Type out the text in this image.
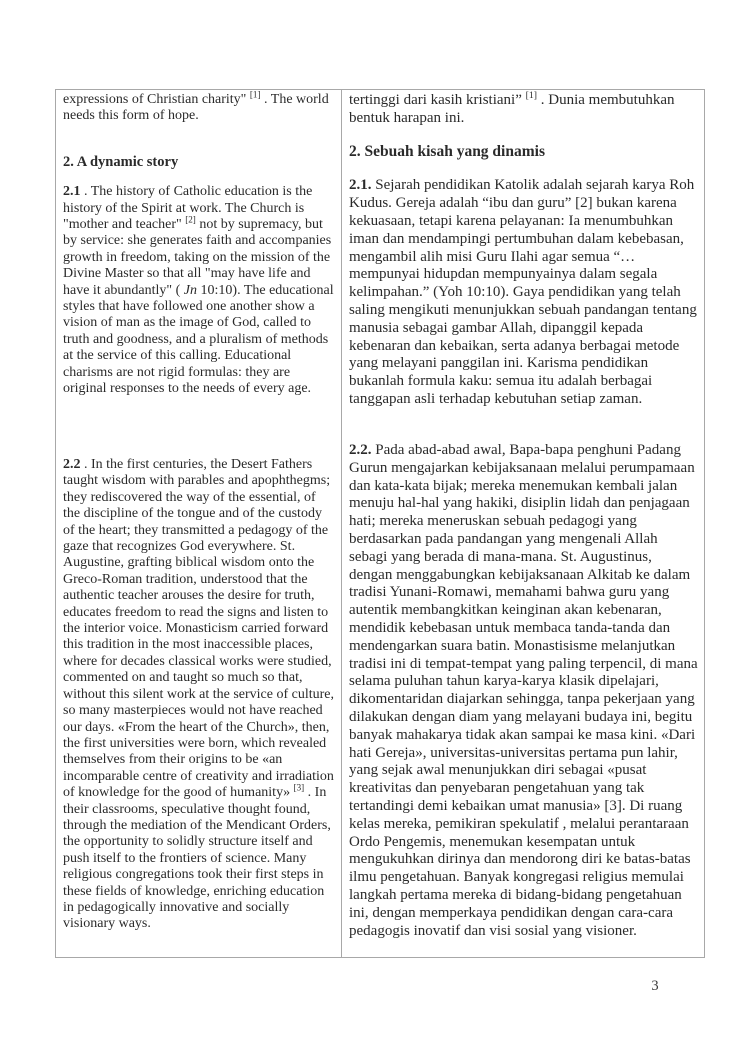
expressions of Christian charity" [1] . The world needs this form of hope.

2. A dynamic story

2.1 . The history of Catholic education is the history of the Spirit at work. The Church is "mother and teacher" [2] not by supremacy, but by service: she generates faith and accompanies growth in freedom, taking on the mission of the Divine Master so that all "may have life and have it abundantly" ( Jn 10:10). The educational styles that have followed one another show a vision of man as the image of God, called to truth and goodness, and a pluralism of methods at the service of this calling. Educational charisms are not rigid formulas: they are original responses to the needs of every age.

tertinggi dari kasih kristiani” [1] . Dunia membutuhkan bentuk harapan ini.

2. Sebuah kisah yang dinamis

2.1. Sejarah pendidikan Katolik adalah sejarah karya Roh Kudus. Gereja adalah “ibu dan guru” [2] bukan karena kekuasaan, tetapi karena pelayanan: Ia menumbuhkan iman dan mendampingi pertumbuhan dalam kebebasan, mengambil alih misi Guru Ilahi agar semua “…mempunyai hidupdan mempunyainya dalam segala kelimpahan.” (Yoh 10:10). Gaya pendidikan yang telah saling mengikuti menunjukkan sebuah pandangan tentang manusia sebagai gambar Allah, dipanggil kepada kebenaran dan kebaikan, serta adanya berbagai metode yang melayani panggilan ini. Karisma pendidikan bukanlah formula kaku: semua itu adalah berbagai tanggapan asli terhadap kebutuhan setiap zaman.

2.2 . In the first centuries, the Desert Fathers taught wisdom with parables and apophthegms; they rediscovered the way of the essential, of the discipline of the tongue and of the custody of the heart; they transmitted a pedagogy of the gaze that recognizes God everywhere. St. Augustine, grafting biblical wisdom onto the Greco-Roman tradition, understood that the authentic teacher arouses the desire for truth, educates freedom to read the signs and listen to the interior voice. Monasticism carried forward this tradition in the most inaccessible places, where for decades classical works were studied, commented on and taught so much so that, without this silent work at the service of culture, so many masterpieces would not have reached our days. «From the heart of the Church», then, the first universities were born, which revealed themselves from their origins to be «an incomparable centre of creativity and irradiation of knowledge for the good of humanity» [3] . In their classrooms, speculative thought found, through the mediation of the Mendicant Orders, the opportunity to solidly structure itself and push itself to the frontiers of science. Many religious congregations took their first steps in these fields of knowledge, enriching education in pedagogically innovative and socially visionary ways.

2.2. Pada abad-abad awal, Bapa-bapa penghuni Padang Gurun mengajarkan kebijaksanaan melalui perumpamaan dan kata-kata bijak; mereka menemukan kembali jalan menuju hal-hal yang hakiki, disiplin lidah dan penjagaan hati; mereka meneruskan sebuah pedagogi yang berdasarkan pada pandangan yang mengenali Allah sebagi yang berada di mana-mana. St. Augustinus, dengan menggabungkan kebijaksanaan Alkitab ke dalam tradisi Yunani-Romawi, memahami bahwa guru yang autentik membangkitkan keinginan akan kebenaran, mendidik kebebasan untuk membaca tanda-tanda dan mendengarkan suara batin. Monastisisme melanjutkan tradisi ini di tempat-tempat yang paling terpencil, di mana selama puluhan tahun karya-karya klasik dipelajari, dikomentaridan diajarkan sehingga, tanpa pekerjaan yang dilakukan dengan diam yang melayani budaya ini, begitu banyak mahakarya tidak akan sampai ke masa kini. «Dari hati Gereja», universitas-universitas pertama pun lahir, yang sejak awal menunjukkan diri sebagai «pusat kreativitas dan penyebaran pengetahuan yang tak tertandingi demi kebaikan umat manusia» [3]. Di ruang kelas mereka, pemikiran spekulatif , melalui perantaraan Ordo Pengemis, menemukan kesempatan untuk mengukuhkan dirinya dan mendorong diri ke batas-batas ilmu pengetahuan. Banyak kongregasi religius memulai langkah pertama mereka di bidang-bidang pengetahuan ini, dengan memperkaya pendidikan dengan cara-cara pedagogis inovatif dan visi sosial yang visioner.

3
